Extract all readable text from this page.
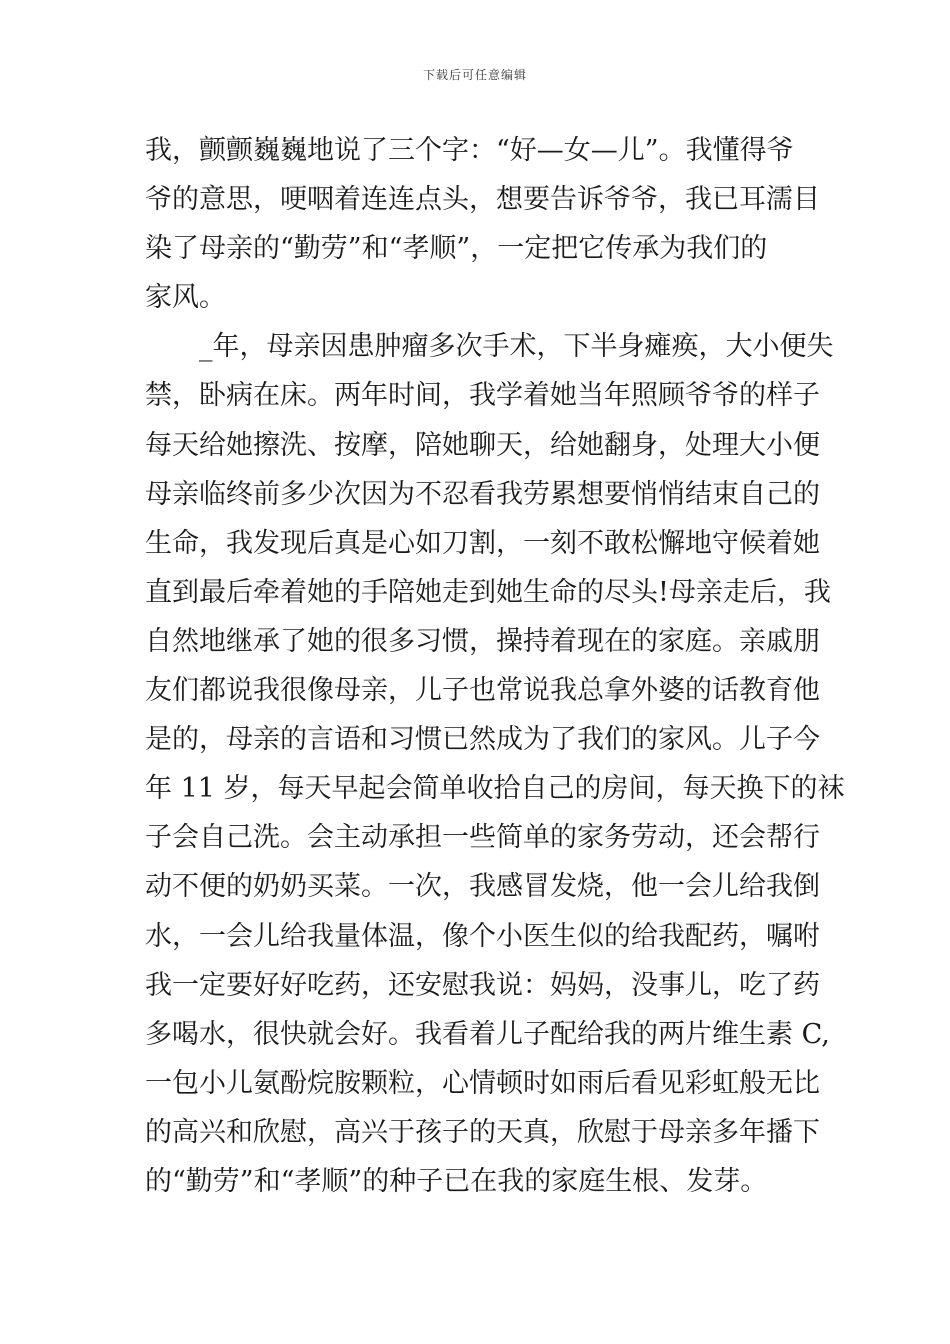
下载后可任意编辑
我，颤颤巍巍地说了三个字：“好—女—儿”。我懂得爷
爷的意思，哽咽着连连点头，想要告诉爷爷，我已耳濡目
染了母亲的“勤劳”和“孝顺”，一定把它传承为我们的
家风。
_年，母亲因患肿瘤多次手术，下半身瘫痪，大小便失
禁，卧病在床。两年时间，我学着她当年照顾爷爷的样子
每天给她擦洗、按摩，陪她聊天，给她翻身，处理大小便
母亲临终前多少次因为不忍看我劳累想要悄悄结束自己的
生命，我发现后真是心如刀割，一刻不敢松懈地守候着她
直到最后牵着她的手陪她走到她生命的尽头!母亲走后，我
自然地继承了她的很多习惯，操持着现在的家庭。亲戚朋
友们都说我很像母亲，儿子也常说我总拿外婆的话教育他
是的，母亲的言语和习惯已然成为了我们的家风。儿子今
年 11 岁，每天早起会简单收拾自己的房间，每天换下的袜
子会自己洗。会主动承担一些简单的家务劳动，还会帮行
动不便的奶奶买菜。一次，我感冒发烧，他一会儿给我倒
水，一会儿给我量体温，像个小医生似的给我配药，嘱咐
我一定要好好吃药，还安慰我说：妈妈，没事儿，吃了药
多喝水，很快就会好。我看着儿子配给我的两片维生素 C,
一包小儿氨酚烷胺颗粒，心情顿时如雨后看见彩虹般无比
的高兴和欣慰，高兴于孩子的天真，欣慰于母亲多年播下
的“勤劳”和“孝顺”的种子已在我的家庭生根、发芽。
